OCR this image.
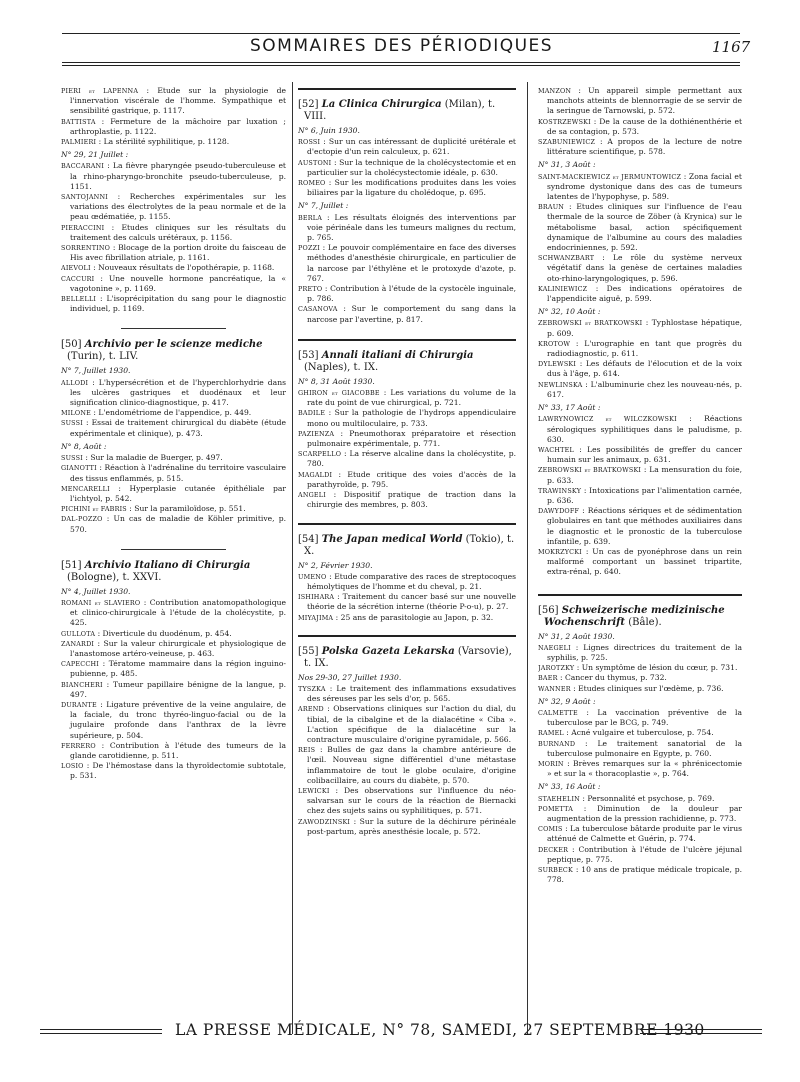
SOMMAIRES DES PÉRIODIQUES	1167

PIERI et LAPENNA : Etude sur la physiologie de l'innervation viscérale de l'homme. Sympathique et sensibilité gastrique, p. 1117.

BATTISTA : Fermeture de la mâchoire par luxation ; arthroplastie, p. 1122.

PALMIERI : La stérilité syphilitique, p. 1128.

N° 29, 21 Juillet :

BACCARANI : La fièvre pharyngée pseudo-tuberculeuse et la rhino-pharyngo-bronchite pseudo-tuberculeuse, p. 1151.

SANTOJANNI : Recherches expérimentales sur les variations des électrolytes de la peau normale et de la peau œdématiée, p. 1155.

PIERACCINI : Etudes cliniques sur les résultats du traitement des calculs urétéraux, p. 1156.

SORRENTINO : Blocage de la portion droite du faisceau de His avec fibrillation atriale, p. 1161.

AIEVOLI : Nouveaux résultats de l'opothérapie, p. 1168.

CACCURI : Une nouvelle hormone pancréatique, la « vagotonine », p. 1169.

BELLELLI : L'isoprécipitation du sang pour le diagnostic individuel, p. 1169.

[50] Archivio per le scienze mediche (Turin), t. LIV.

N° 7, Juillet 1930.

ALLODI : L'hypersécrétion et de l'hyperchlorhydrie dans les ulcères gastriques et duodénaux et leur signification clinico-diagnostique, p. 417.

MILONE : L'endométriome de l'appendice, p. 449.

SUSSI : Essai de traitement chirurgical du diabète (étude expérimentale et clinique), p. 473.

N° 8, Août :

SUSSI : Sur la maladie de Buerger, p. 497.

GIANOTTI : Réaction à l'adrénaline du territoire vasculaire des tissus enflammés, p. 515.

MENCARELLI : Hyperplasie cutanée épithéliale par l'ichtyol, p. 542.

PICHINI et FABRIS : Sur la paramiloïdose, p. 551.

DAL-POZZO : Un cas de maladie de Köhler primitive, p. 570.

[51] Archivio Italiano di Chirurgia (Bologne), t. XXVI.

N° 4, Juillet 1930.

ROMANI et SLAVIERO : Contribution anatomopathologique et clinico-chirurgicale à l'étude de la cholécystite, p. 425.

GULLOTA : Diverticule du duodénum, p. 454.

ZANARDI : Sur la valeur chirurgicale et physiologique de l'anastomose artéro-veineuse, p. 463.

CAPECCHI : Tératome mammaire dans la région inguino-pubienne, p. 485.

BIANCHERI : Tumeur papillaire bénigne de la langue, p. 497.

DURANTE : Ligature préventive de la veine angulaire, de la faciale, du tronc thyréo-linguo-facial ou de la jugulaire profonde dans l'anthrax de la lèvre supérieure, p. 504.

FERRERO : Contribution à l'étude des tumeurs de la glande carotidienne, p. 511.

LOSIO : De l'hémostase dans la thyroïdectomie subtotale, p. 531.

[52] La Clinica Chirurgica (Milan), t. VIII.

N° 6, Juin 1930.

ROSSI : Sur un cas intéressant de duplicité urétérale et d'ectopie d'un rein calculeux, p. 621.

AUSTONI : Sur la technique de la cholécystectomie et en particulier sur la cholécystectomie idéale, p. 630.

ROMEO : Sur les modifications produites dans les voies biliaires par la ligature du cholédoque, p. 695.

N° 7, Juillet :

BERLA : Les résultats éloignés des interventions par voie périnéale dans les tumeurs malignes du rectum, p. 765.

POZZI : Le pouvoir complémentaire en face des diverses méthodes d'anesthésie chirurgicale, en particulier de la narcose par l'éthylène et le protoxyde d'azote, p. 767.

PRETO : Contribution à l'étude de la cystocèle inguinale, p. 786.

CASANOVA : Sur le comportement du sang dans la narcose par l'avertine, p. 817.

[53] Annali italiani di Chirurgia (Naples), t. IX.

N° 8, 31 Août 1930.

GHIRON et GIACOBBE : Les variations du volume de la rate du point de vue chirurgical, p. 721.

BADILE : Sur la pathologie de l'hydrops appendiculaire mono ou multiloculaire, p. 733.

PAZIENZA : Pneumothorax préparatoire et résection pulmonaire expérimentale, p. 771.

SCARPELLO : La réserve alcaline dans la cholécystite, p. 780.

MAGALDI : Etude critique des voies d'accès de la parathyroïde, p. 795.

ANGELI : Dispositif pratique de traction dans la chirurgie des membres, p. 803.

[54] The Japan medical World (Tokio), t. X.

N° 2, Février 1930.

UMENO : Etude comparative des races de streptocoques hémolytiques de l'homme et du cheval, p. 21.

ISHIHARA : Traitement du cancer basé sur une nouvelle théorie de la sécrétion interne (théorie P-o-u), p. 27.

MIYAJIMA : 25 ans de parasitologie au Japon, p. 32.

[55] Polska Gazeta Lekarska (Varsovie), t. IX.

Nos 29-30, 27 Juillet 1930.

TYSZKA : Le traitement des inflammations exsudatives des séreuses par les sels d'or, p. 565.

AREND : Observations cliniques sur l'action du dial, du tibial, de la cibalgine et de la dialacétine « Ciba ». L'action spécifique de la dialacétine sur la contracture musculaire d'origine pyramidale, p. 566.

REIS : Bulles de gaz dans la chambre antérieure de l'œil. Nouveau signe différentiel d'une métastase inflammatoire de tout le globe oculaire, d'origine colibacillaire, au cours du diabète, p. 570.

LEWICKI : Des observations sur l'influence du néo-salvarsan sur le cours de la réaction de Biernacki chez des sujets sains ou syphilitiques, p. 571.

ZAWODZINSKI : Sur la suture de la déchirure périnéale post-partum, après anesthésie locale, p. 572.

MANZON : Un appareil simple permettant aux manchots atteints de blennorragie de se servir de la seringue de Tarnowski, p. 572.

KOSTRZEWSKI : De la cause de la dothiénenthérie et de sa contagion, p. 573.

SZABUNIEWICZ : A propos de la lecture de notre littérature scientifique, p. 578.

N° 31, 3 Août :

SAINT-MACKIEWICZ et JERMUNTOWICZ : Zona facial et syndrome dystonique dans des cas de tumeurs latentes de l'hypophyse, p. 589.

BRAUN : Etudes cliniques sur l'influence de l'eau thermale de la source de Zöber (à Krynica) sur le métabolisme basal, action spécifiquement dynamique de l'albumine au cours des maladies endocriniennes, p. 592.

SCHWANZBART : Le rôle du système nerveux végétatif dans la genèse de certaines maladies oto-rhino-laryngologiques, p. 596.

KALINIEWICZ : Des indications opératoires de l'appendicite aiguë, p. 599.

N° 32, 10 Août :

ZEBROWSKI et BRATKOWSKI : Typhlostase hépatique, p. 609.

KROTOW : L'urographie en tant que progrès du radiodiagnostic, p. 611.

DYLEWSKI : Les défauts de l'élocution et de la voix dus à l'âge, p. 614.

NEWLINSKA : L'albuminurie chez les nouveau-nés, p. 617.

N° 33, 17 Août :

LAWRYNOWICZ et WILCZKOWSKI : Réactions sérologiques syphilitiques dans le paludisme, p. 630.

WACHTEL : Les possibilités de greffer du cancer humain sur les animaux, p. 631.

ZEBROWSKI et BRATKOWSKI : La mensuration du foie, p. 633.

TRAWINSKY : Intoxications par l'alimentation carnée, p. 636.

DAWYDOFF : Réactions sériques et de sédimentation globulaires en tant que méthodes auxiliaires dans le diagnostic et le pronostic de la tuberculose infantile, p. 639.

MOKRZYCKI : Un cas de pyonéphrose dans un rein malformé comportant un bassinet tripartite, extra-rénal, p. 640.

[56] Schweizerische medizinische Wochenschrift (Bâle).

N° 31, 2 Août 1930.

NAEGELI : Lignes directrices du traitement de la syphilis, p. 725.

JAROTZKY : Un symptôme de lésion du cœur, p. 731.

BAER : Cancer du thymus, p. 732.

WANNER : Etudes cliniques sur l'œdème, p. 736.

N° 32, 9 Août :

CALMETTE : La vaccination préventive de la tuberculose par le BCG, p. 749.

RAMEL : Acné vulgaire et tuberculose, p. 754.

BURNAND : Le traitement sanatorial de la tuberculose pulmonaire en Egypte, p. 760.

MORIN : Brèves remarques sur la « phrénicectomie » et sur la « thoracoplastie », p. 764.

N° 33, 16 Août :

STAEHELIN : Personnalité et psychose, p. 769.

POMETTA : Diminution de la douleur par augmentation de la pression rachidienne, p. 773.

COMIS : La tuberculose bâtarde produite par le virus atténué de Calmette et Guérin, p. 774.

DECKER : Contribution à l'étude de l'ulcère jéjunal peptique, p. 775.

SURBECK : 10 ans de pratique médicale tropicale, p. 778.

LA PRESSE MÉDICALE, N° 78, SAMEDI, 27 SEPTEMBRE 1930
